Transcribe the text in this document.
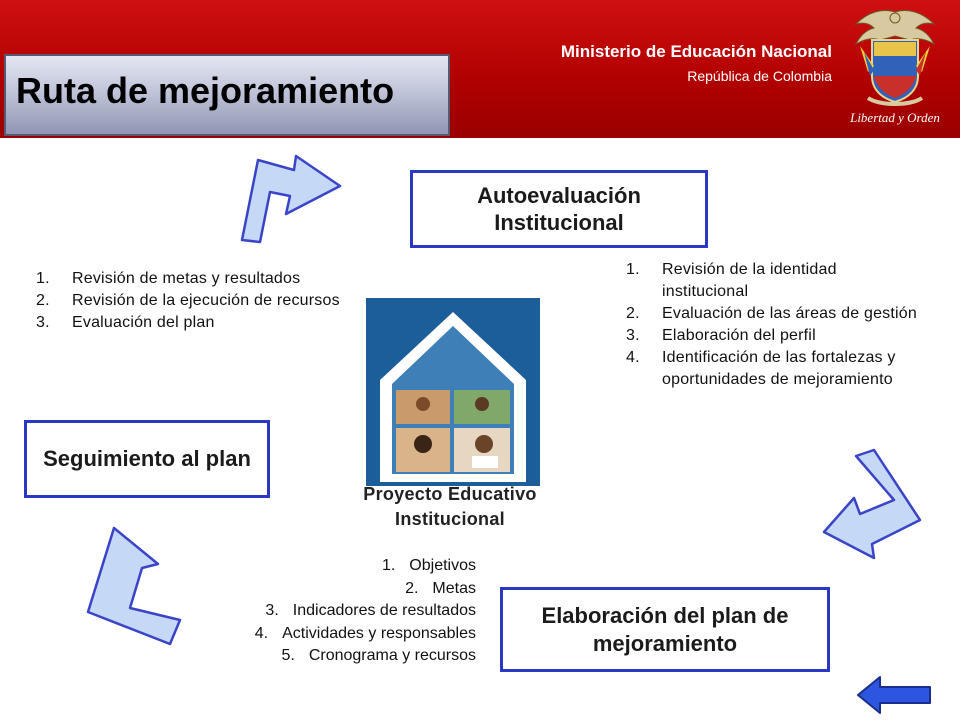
Ruta de mejoramiento
Ministerio de Educación Nacional
República de Colombia
Libertad y Orden
Autoevaluación Institucional
Seguimiento al plan
Elaboración del plan de mejoramiento
1. Revisión de metas y resultados
2. Revisión de la ejecución de recursos
3. Evaluación del plan
1. Revisión de la identidad institucional
2. Evaluación de las áreas de gestión
3. Elaboración del perfil
4. Identificación de las fortalezas y oportunidades de mejoramiento
Proyecto Educativo Institucional
1. Objetivos
2. Metas
3. Indicadores de resultados
4. Actividades y responsables
5. Cronograma y recursos
